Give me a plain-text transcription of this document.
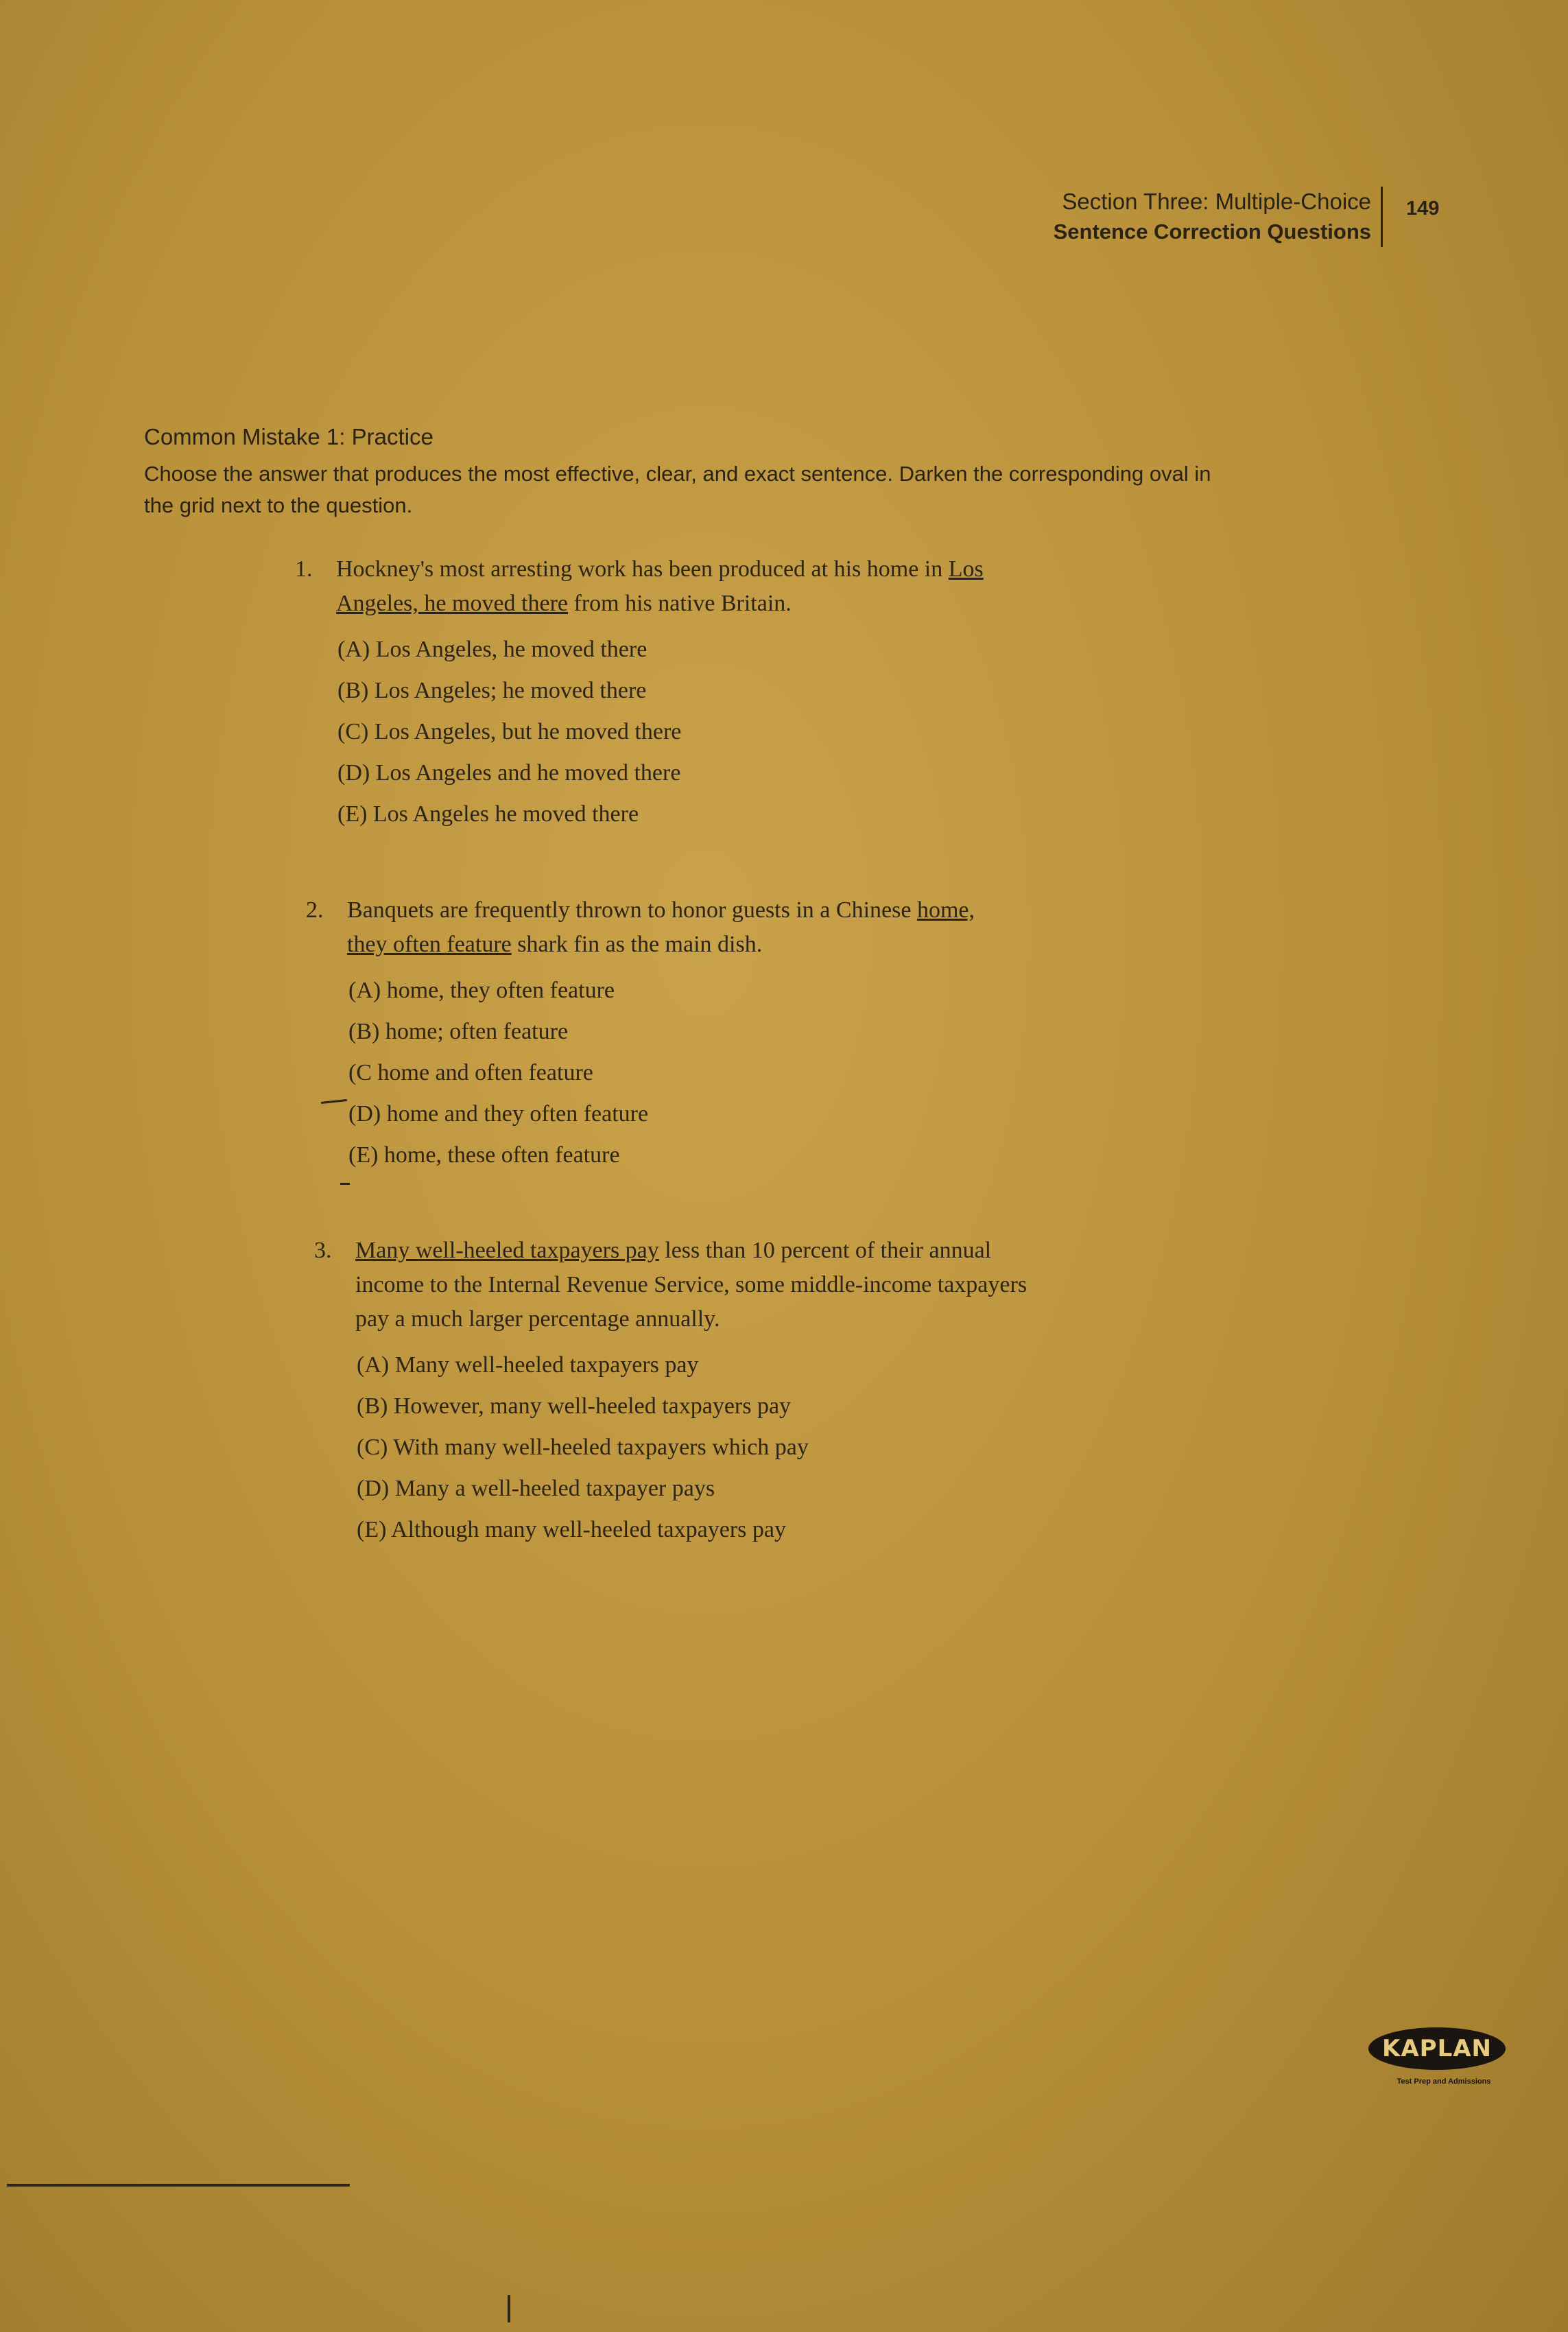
Section Three: Multiple-Choice
Sentence Correction Questions
149
Common Mistake 1: Practice
Choose the answer that produces the most effective, clear, and exact sentence. Darken the corresponding oval in the grid next to the question.
1. Hockney's most arresting work has been produced at his home in Los Angeles, he moved there from his native Britain.
(A) Los Angeles, he moved there
(B) Los Angeles; he moved there
(C) Los Angeles, but he moved there
(D) Los Angeles and he moved there
(E) Los Angeles he moved there
2. Banquets are frequently thrown to honor guests in a Chinese home, they often feature shark fin as the main dish.
(A) home, they often feature
(B) home; often feature
(C home and often feature
(D) home and they often feature
(E) home, these often feature
3. Many well-heeled taxpayers pay less than 10 percent of their annual income to the Internal Revenue Service, some middle-income taxpayers pay a much larger percentage annually.
(A) Many well-heeled taxpayers pay
(B) However, many well-heeled taxpayers pay
(C) With many well-heeled taxpayers which pay
(D) Many a well-heeled taxpayer pays
(E) Although many well-heeled taxpayers pay
KAPLAN
Test Prep and Admissions
